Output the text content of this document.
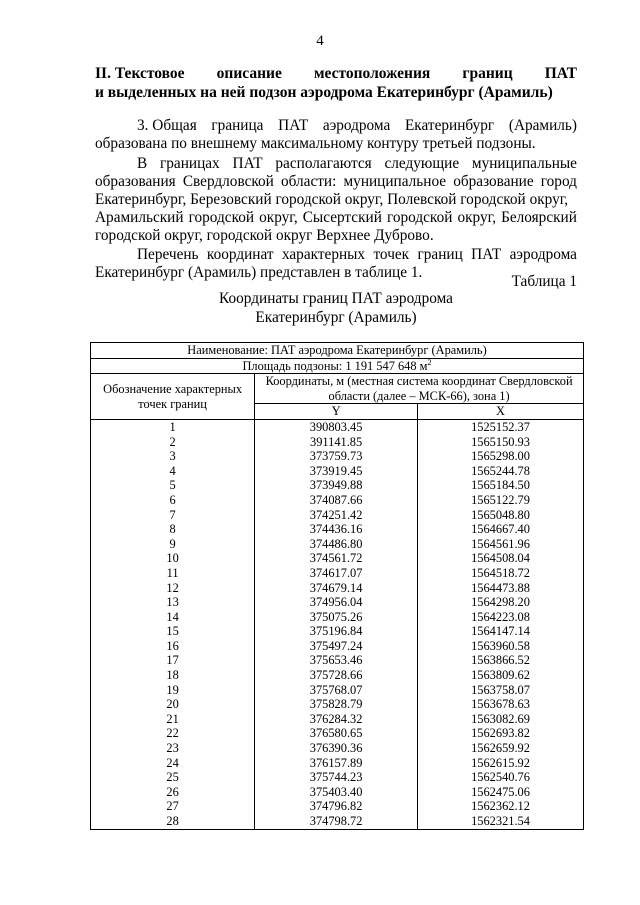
4
II. Текстовое описание местоположения границ ПАТ
и выделенных на ней подзон аэродрома Екатеринбург (Арамиль)
3. Общая граница ПАТ аэродрома Екатеринбург (Арамиль)
образована по внешнему максимальному контуру третьей подзоны.
В границах ПАТ располагаются следующие муниципальные
образования Свердловской области: муниципальное образование город
Екатеринбург, Березовский городской округ, Полевской городской округ,
Арамильский городской округ, Сысертский городской округ, Белоярский
городской округ, городской округ Верхнее Дуброво.
Перечень координат характерных точек границ ПАТ аэродрома
Екатеринбург (Арамиль) представлен в таблице 1.
Таблица 1
Координаты границ ПАТ аэродрома
Екатеринбург (Арамиль)
Наименование: ПАТ аэродрома Екатеринбург (Арамиль)		
Площадь подзоны: 1 191 547 648 $м^2$
Обозначение характерных точек границ	Координаты, м (местная система координат Свердловской области (далее – МСК-66), зона 1)	
	Y	X
1	390803.45	1525152.37
2	391141.85	1565150.93
3	373759.73	1565298.00
4	373919.45	1565244.78
5	373949.88	1565184.50
6	374087.66	1565122.79
7	374251.42	1565048.80
8	374436.16	1564667.40
9	374486.80	1564561.96
10	374561.72	1564508.04
11	374617.07	1564518.72
12	374679.14	1564473.88
13	374956.04	1564298.20
14	375075.26	1564223.08
15	375196.84	1564147.14
16	375497.24	1563960.58
17	375653.46	1563866.52
18	375728.66	1563809.62
19	375768.07	1563758.07
20	375828.79	1563678.63
21	376284.32	1563082.69
22	376580.65	1562693.82
23	376390.36	1562659.92
24	376157.89	1562615.92
25	375744.23	1562540.76
26	375403.40	1562475.06
27	374796.82	1562362.12
28	374798.72	1562321.54
